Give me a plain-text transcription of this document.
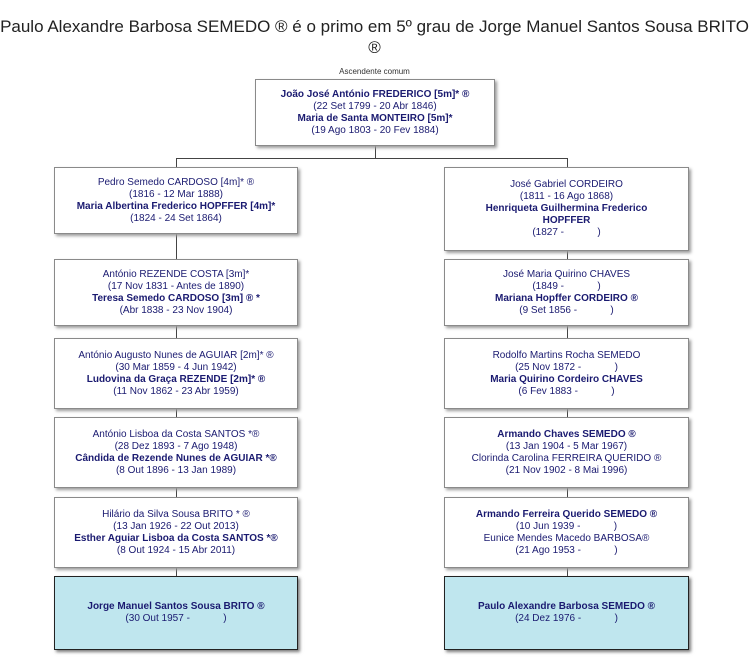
Paulo Alexandre Barbosa SEMEDO ® é o primo em 5º grau de Jorge Manuel Santos Sousa BRITO ®
Ascendente comum
João José António FREDERICO [5m]* ®
(22 Set 1799 - 20 Abr 1846)
Maria de Santa MONTEIRO [5m]*
(19 Ago 1803 - 20 Fev 1884)
Pedro Semedo CARDOSO [4m]* ®
(1816 - 12 Mar 1888)
Maria Albertina Frederico HOPFFER [4m]*
(1824 - 24 Set 1864)
António REZENDE COSTA [3m]*
(17 Nov 1831 - Antes de 1890)
Teresa Semedo CARDOSO [3m] ® *
(Abr 1838 - 23 Nov 1904)
António Augusto Nunes de AGUIAR [2m]* ®
(30 Mar 1859 - 4 Jun 1942)
Ludovina da Graça REZENDE [2m]* ®
(11 Nov 1862 - 23 Abr 1959)
António Lisboa da Costa SANTOS *®
(28 Dez 1893 - 7 Ago 1948)
Cândida de Rezende Nunes de AGUIAR *®
(8 Out 1896 - 13 Jan 1989)
Hilário da Silva Sousa BRITO * ®
(13 Jan 1926 - 22 Out 2013)
Esther Aguiar Lisboa da Costa SANTOS *®
(8 Out 1924 - 15 Abr 2011)
José Gabriel CORDEIRO
(1811 - 16 Ago 1868)
Henriqueta Guilhermina Frederico HOPFFER
(1827 -            )
José Maria Quirino CHAVES
(1849 -            )
Mariana Hopffer CORDEIRO ®
(9 Set 1856 -            )
Rodolfo Martins Rocha SEMEDO
(25 Nov 1872 -            )
Maria Quirino Cordeiro CHAVES
(6 Fev 1883 -            )
Armando Chaves SEMEDO ®
(13 Jan 1904 - 5 Mar 1967)
Clorinda Carolina FERREIRA QUERIDO ®
(21 Nov 1902 - 8 Mai 1996)
Armando Ferreira Querido SEMEDO ®
(10 Jun 1939 -            )
Eunice Mendes Macedo BARBOSA®
(21 Ago 1953 -            )
Jorge Manuel Santos Sousa BRITO ®
(30 Out 1957 -            )
Paulo Alexandre Barbosa SEMEDO ®
(24 Dez 1976 -            )
